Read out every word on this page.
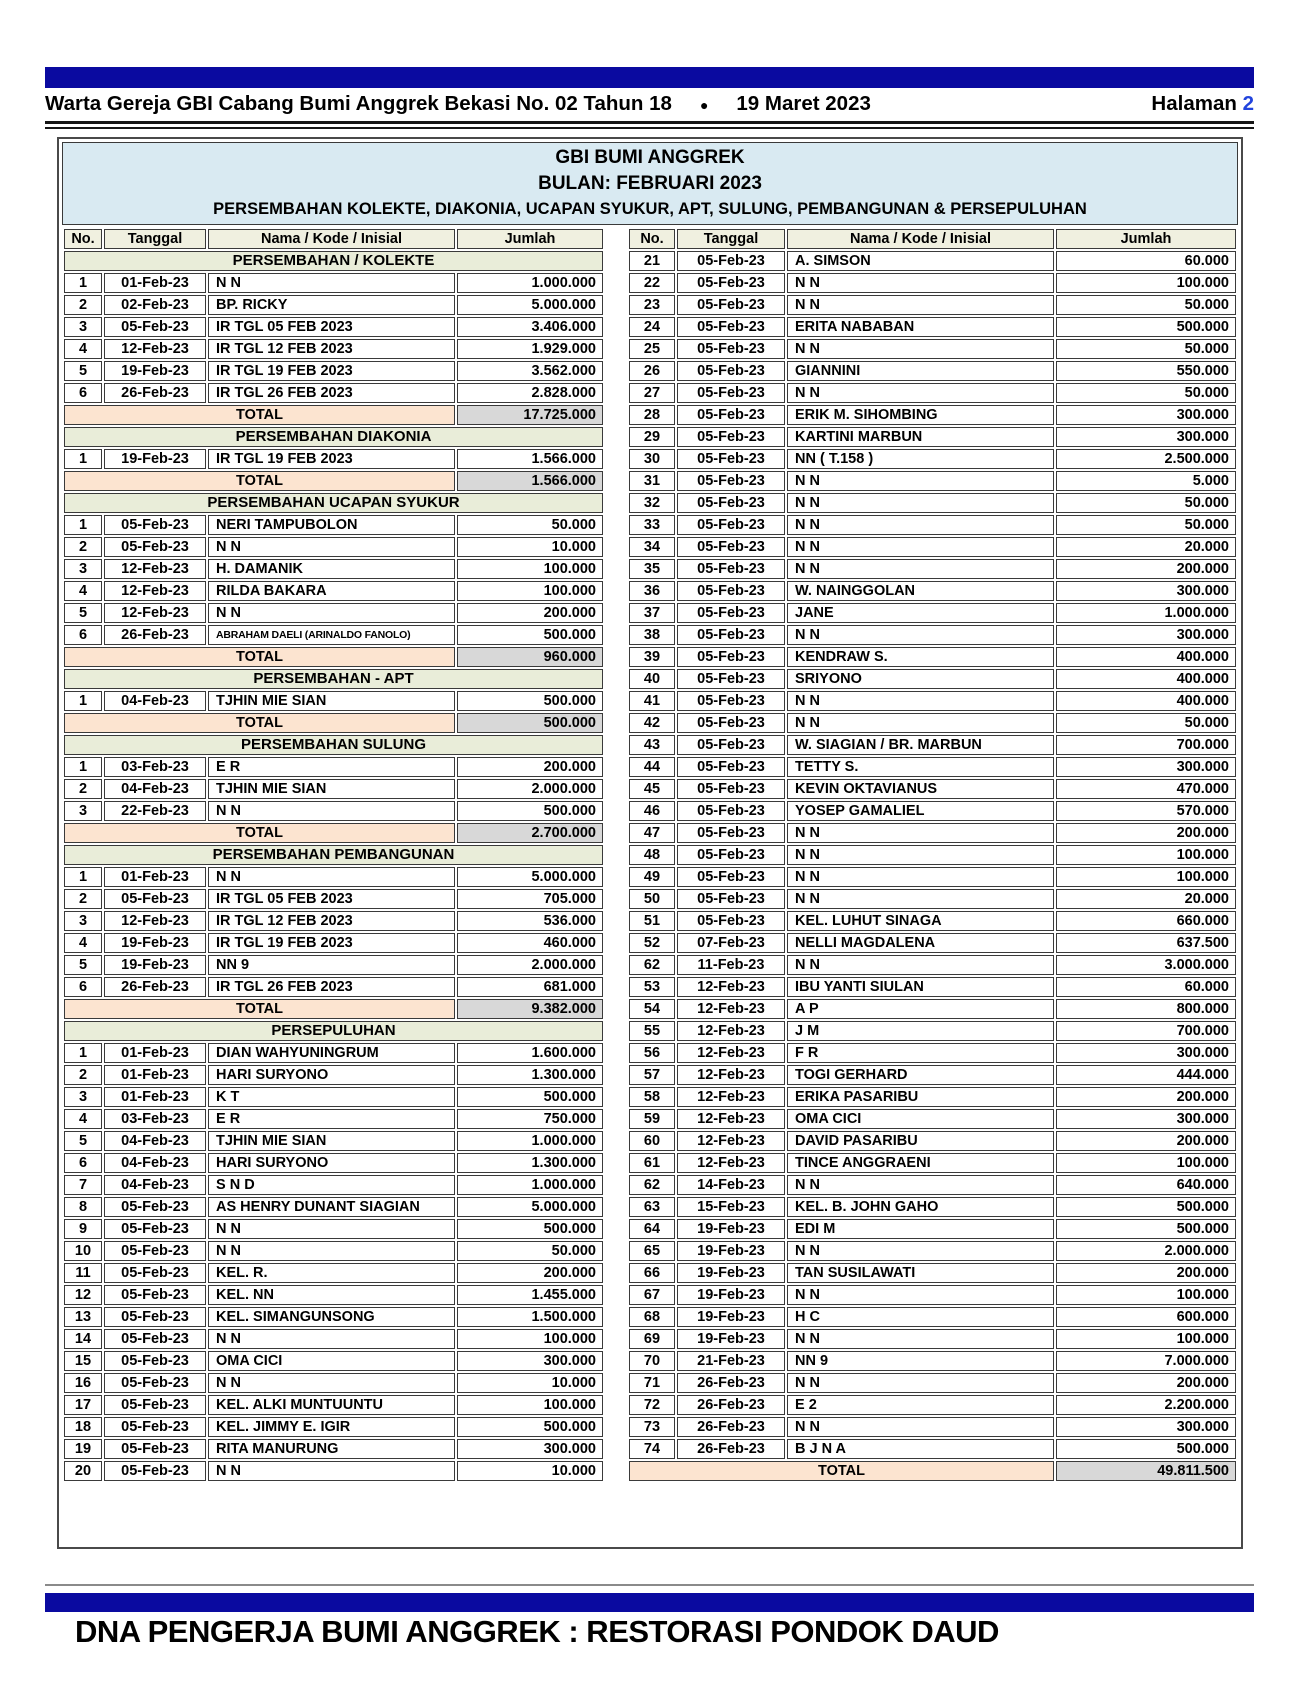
Warta Gereja GBI Cabang Bumi Anggrek Bekasi No. 02 Tahun 18 ● 19 Maret 2023	Halaman 2
GBI BUMI ANGGREK
BULAN: FEBRUARI 2023
PERSEMBAHAN KOLEKTE, DIAKONIA, UCAPAN SYUKUR, APT, SULUNG, PEMBANGUNAN & PERSEPULUHAN
No.	Tanggal	Nama / Kode / Inisial	Jumlah
PERSEMBAHAN / KOLEKTE			
1	01-Feb-23	N N	1.000.000
2	02-Feb-23	BP. RICKY	5.000.000
3	05-Feb-23	IR TGL 05 FEB 2023	3.406.000
4	12-Feb-23	IR TGL 12 FEB 2023	1.929.000
5	19-Feb-23	IR TGL 19 FEB 2023	3.562.000
6	26-Feb-23	IR TGL 26 FEB 2023	2.828.000
TOTAL			17.725.000
PERSEMBAHAN DIAKONIA			
1	19-Feb-23	IR TGL 19 FEB 2023	1.566.000
TOTAL			1.566.000
PERSEMBAHAN UCAPAN SYUKUR			
1	05-Feb-23	NERI TAMPUBOLON	50.000
2	05-Feb-23	N N	10.000
3	12-Feb-23	H. DAMANIK	100.000
4	12-Feb-23	RILDA BAKARA	100.000
5	12-Feb-23	N N	200.000
6	26-Feb-23	ABRAHAM DAELI (ARINALDO FANOLO)	500.000
TOTAL			960.000
PERSEMBAHAN - APT			
1	04-Feb-23	TJHIN MIE SIAN	500.000
TOTAL			500.000
PERSEMBAHAN SULUNG			
1	03-Feb-23	E R	200.000
2	04-Feb-23	TJHIN MIE SIAN	2.000.000
3	22-Feb-23	N N	500.000
TOTAL			2.700.000
PERSEMBAHAN PEMBANGUNAN			
1	01-Feb-23	N N	5.000.000
2	05-Feb-23	IR TGL 05 FEB 2023	705.000
3	12-Feb-23	IR TGL 12 FEB 2023	536.000
4	19-Feb-23	IR TGL 19 FEB 2023	460.000
5	19-Feb-23	NN 9	2.000.000
6	26-Feb-23	IR TGL 26 FEB 2023	681.000
TOTAL			9.382.000
PERSEPULUHAN			
1	01-Feb-23	DIAN WAHYUNINGRUM	1.600.000
2	01-Feb-23	HARI SURYONO	1.300.000
3	01-Feb-23	K T	500.000
4	03-Feb-23	E R	750.000
5	04-Feb-23	TJHIN MIE SIAN	1.000.000
6	04-Feb-23	HARI SURYONO	1.300.000
7	04-Feb-23	S N D	1.000.000
8	05-Feb-23	AS HENRY DUNANT SIAGIAN	5.000.000
9	05-Feb-23	N N	500.000
10	05-Feb-23	N N	50.000
11	05-Feb-23	KEL. R.	200.000
12	05-Feb-23	KEL. NN	1.455.000
13	05-Feb-23	KEL. SIMANGUNSONG	1.500.000
14	05-Feb-23	N N	100.000
15	05-Feb-23	OMA CICI	300.000
16	05-Feb-23	N N	10.000
17	05-Feb-23	KEL. ALKI MUNTUUNTU	100.000
18	05-Feb-23	KEL. JIMMY E. IGIR	500.000
19	05-Feb-23	RITA MANURUNG	300.000
20	05-Feb-23	N N	10.000
No.	Tanggal	Nama / Kode / Inisial	Jumlah
21	05-Feb-23	A. SIMSON	60.000
22	05-Feb-23	N N	100.000
23	05-Feb-23	N N	50.000
24	05-Feb-23	ERITA NABABAN	500.000
25	05-Feb-23	N N	50.000
26	05-Feb-23	GIANNINI	550.000
27	05-Feb-23	N N	50.000
28	05-Feb-23	ERIK M. SIHOMBING	300.000
29	05-Feb-23	KARTINI MARBUN	300.000
30	05-Feb-23	NN ( T.158 )	2.500.000
31	05-Feb-23	N N	5.000
32	05-Feb-23	N N	50.000
33	05-Feb-23	N N	50.000
34	05-Feb-23	N N	20.000
35	05-Feb-23	N N	200.000
36	05-Feb-23	W. NAINGGOLAN	300.000
37	05-Feb-23	JANE	1.000.000
38	05-Feb-23	N N	300.000
39	05-Feb-23	KENDRAW S.	400.000
40	05-Feb-23	SRIYONO	400.000
41	05-Feb-23	N N	400.000
42	05-Feb-23	N N	50.000
43	05-Feb-23	W. SIAGIAN / BR. MARBUN	700.000
44	05-Feb-23	TETTY S.	300.000
45	05-Feb-23	KEVIN OKTAVIANUS	470.000
46	05-Feb-23	YOSEP GAMALIEL	570.000
47	05-Feb-23	N N	200.000
48	05-Feb-23	N N	100.000
49	05-Feb-23	N N	100.000
50	05-Feb-23	N N	20.000
51	05-Feb-23	KEL. LUHUT SINAGA	660.000
52	07-Feb-23	NELLI MAGDALENA	637.500
62	11-Feb-23	N N	3.000.000
53	12-Feb-23	IBU YANTI SIULAN	60.000
54	12-Feb-23	A P	800.000
55	12-Feb-23	J M	700.000
56	12-Feb-23	F R	300.000
57	12-Feb-23	TOGI GERHARD	444.000
58	12-Feb-23	ERIKA PASARIBU	200.000
59	12-Feb-23	OMA CICI	300.000
60	12-Feb-23	DAVID PASARIBU	200.000
61	12-Feb-23	TINCE ANGGRAENI	100.000
62	14-Feb-23	N N	640.000
63	15-Feb-23	KEL. B. JOHN GAHO	500.000
64	19-Feb-23	EDI M	500.000
65	19-Feb-23	N N	2.000.000
66	19-Feb-23	TAN SUSILAWATI	200.000
67	19-Feb-23	N N	100.000
68	19-Feb-23	H C	600.000
69	19-Feb-23	N N	100.000
70	21-Feb-23	NN 9	7.000.000
71	26-Feb-23	N N	200.000
72	26-Feb-23	E 2	2.200.000
73	26-Feb-23	N N	300.000
74	26-Feb-23	B J N A	500.000
TOTAL			49.811.500
DNA PENGERJA BUMI ANGGREK : RESTORASI PONDOK DAUD
